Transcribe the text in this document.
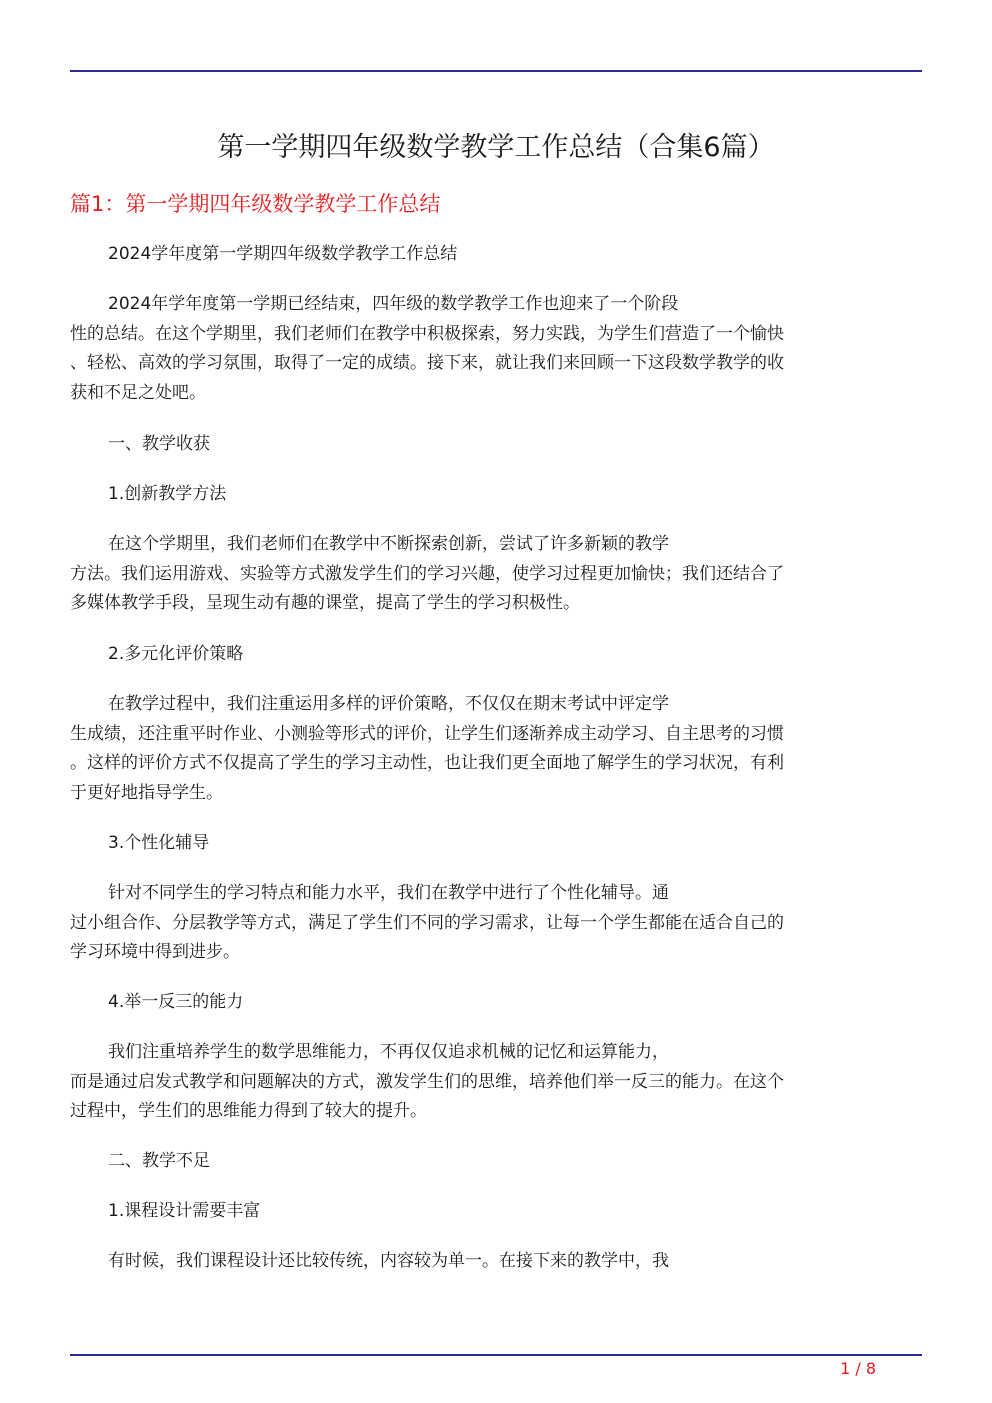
第一学期四年级数学教学工作总结（合集6篇）
篇1：第一学期四年级数学教学工作总结

2024学年度第一学期四年级数学教学工作总结

2024年学年度第一学期已经结束，四年级的数学教学工作也迎来了一个阶段
性的总结。在这个学期里，我们老师们在教学中积极探索，努力实践，为学生们营造了一个愉快
、轻松、高效的学习氛围，取得了一定的成绩。接下来，就让我们来回顾一下这段数学教学的收
获和不足之处吧。

一、教学收获

1.创新教学方法

在这个学期里，我们老师们在教学中不断探索创新，尝试了许多新颖的教学
方法。我们运用游戏、实验等方式激发学生们的学习兴趣，使学习过程更加愉快；我们还结合了
多媒体教学手段，呈现生动有趣的课堂，提高了学生的学习积极性。

2.多元化评价策略

在教学过程中，我们注重运用多样的评价策略，不仅仅在期末考试中评定学
生成绩，还注重平时作业、小测验等形式的评价，让学生们逐渐养成主动学习、自主思考的习惯
。这样的评价方式不仅提高了学生的学习主动性，也让我们更全面地了解学生的学习状况，有利
于更好地指导学生。

3.个性化辅导

针对不同学生的学习特点和能力水平，我们在教学中进行了个性化辅导。通
过小组合作、分层教学等方式，满足了学生们不同的学习需求，让每一个学生都能在适合自己的
学习环境中得到进步。

4.举一反三的能力

我们注重培养学生的数学思维能力，不再仅仅追求机械的记忆和运算能力，
而是通过启发式教学和问题解决的方式，激发学生们的思维，培养他们举一反三的能力。在这个
过程中，学生们的思维能力得到了较大的提升。

二、教学不足

1.课程设计需要丰富

有时候，我们课程设计还比较传统，内容较为单一。在接下来的教学中，我

1 / 8
